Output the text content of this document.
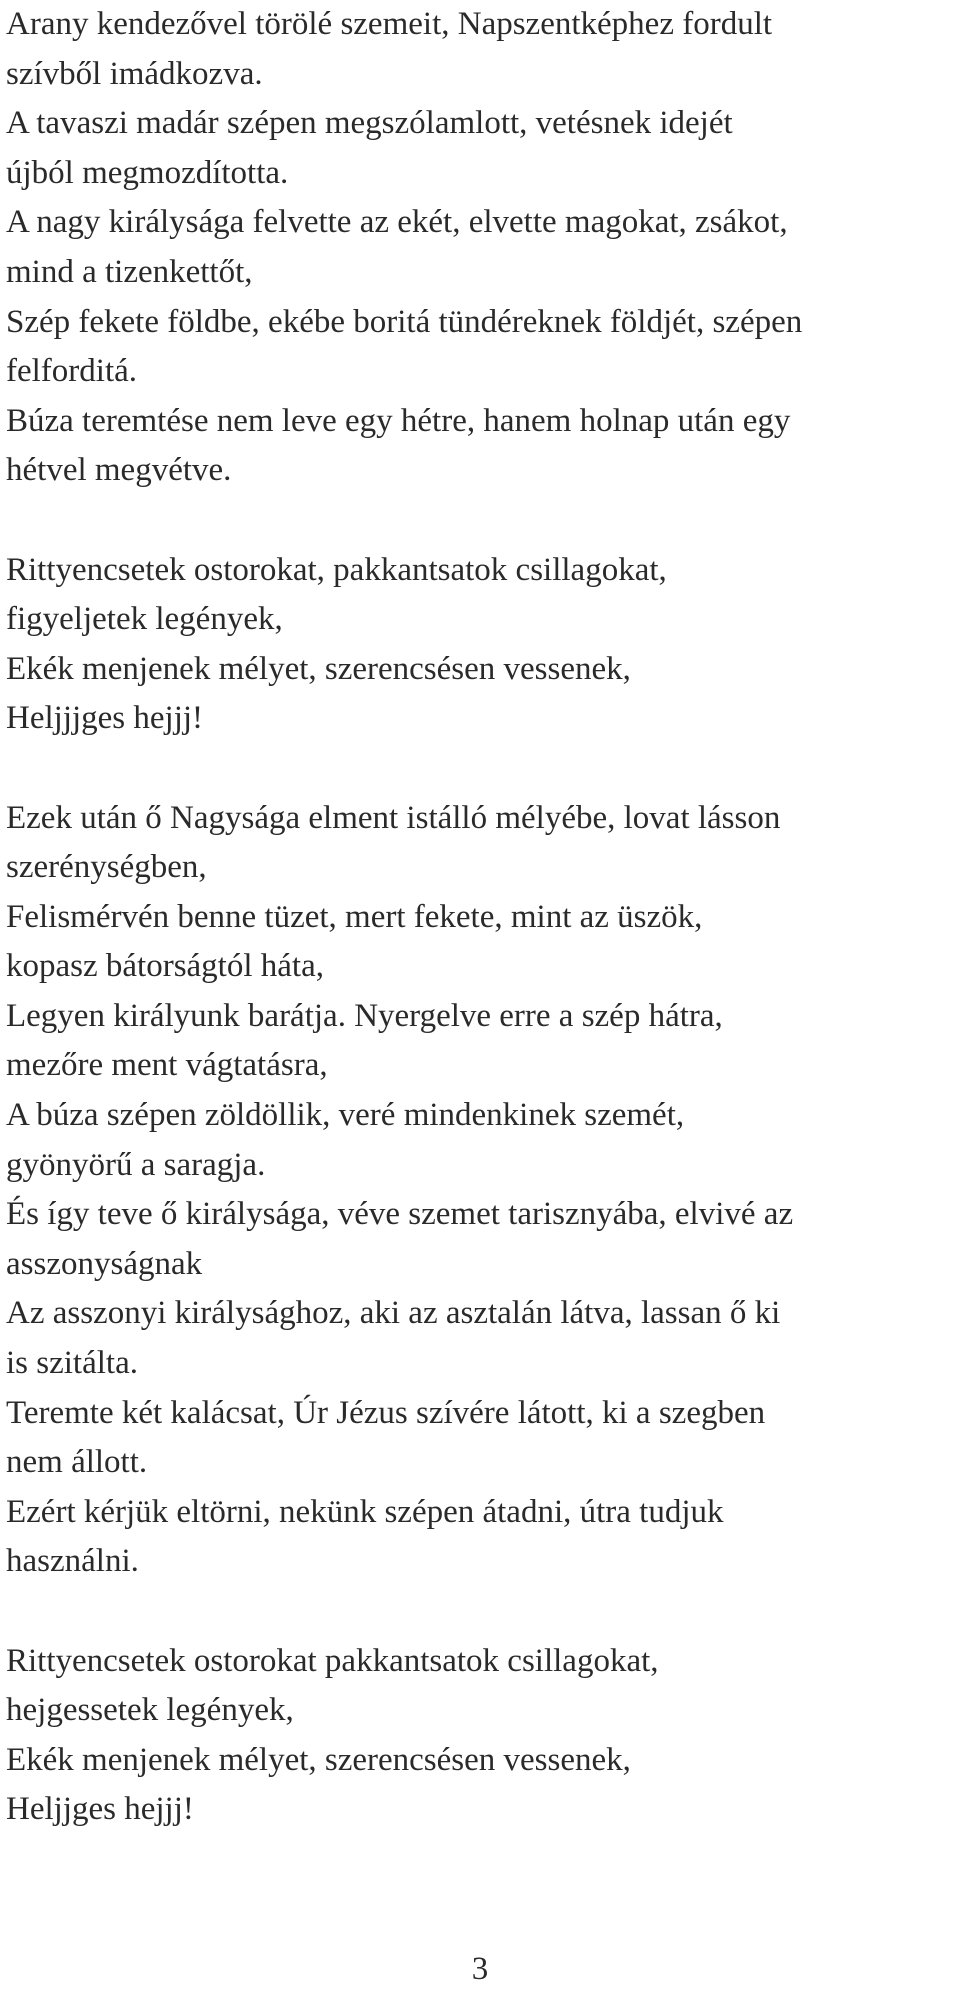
Arany kendezővel törölé szemeit, Napszentképhez fordult
szívből imádkozva.
A tavaszi madár szépen megszólamlott, vetésnek idejét
újból megmozdította.
A nagy királysága felvette az ekét, elvette magokat, zsákot,
mind a tizenkettőt,
Szép fekete földbe, ekébe boritá tündéreknek földjét, szépen
felforditá.
Búza teremtése nem leve egy hétre, hanem holnap után egy
hétvel megvétve.
Rittyencsetek ostorokat, pakkantsatok csillagokat,
figyeljetek legények,
Ekék menjenek mélyet, szerencsésen vessenek,
Heljjjges hejjj!
Ezek után ő Nagysága elment istálló mélyébe, lovat lásson
szerénységben,
Felismérvén benne tüzet, mert fekete, mint az üszök,
kopasz bátorságtól háta,
Legyen királyunk barátja. Nyergelve erre a szép hátra,
mezőre ment vágtatásra,
A búza szépen zöldöllik, veré mindenkinek szemét,
gyönyörű a saragja.
És így teve ő királysága, véve szemet tarisznyába, elvivé az
asszonyságnak
Az asszonyi királysághoz, aki az asztalán látva, lassan ő ki
is szitálta.
Teremte két kalácsat, Úr Jézus szívére látott, ki a szegben
nem állott.
Ezért kérjük eltörni, nekünk szépen átadni, útra tudjuk
használni.
Rittyencsetek ostorokat pakkantsatok csillagokat,
hejgessetek legények,
Ekék menjenek mélyet, szerencsésen vessenek,
Heljjges hejjj!
3
